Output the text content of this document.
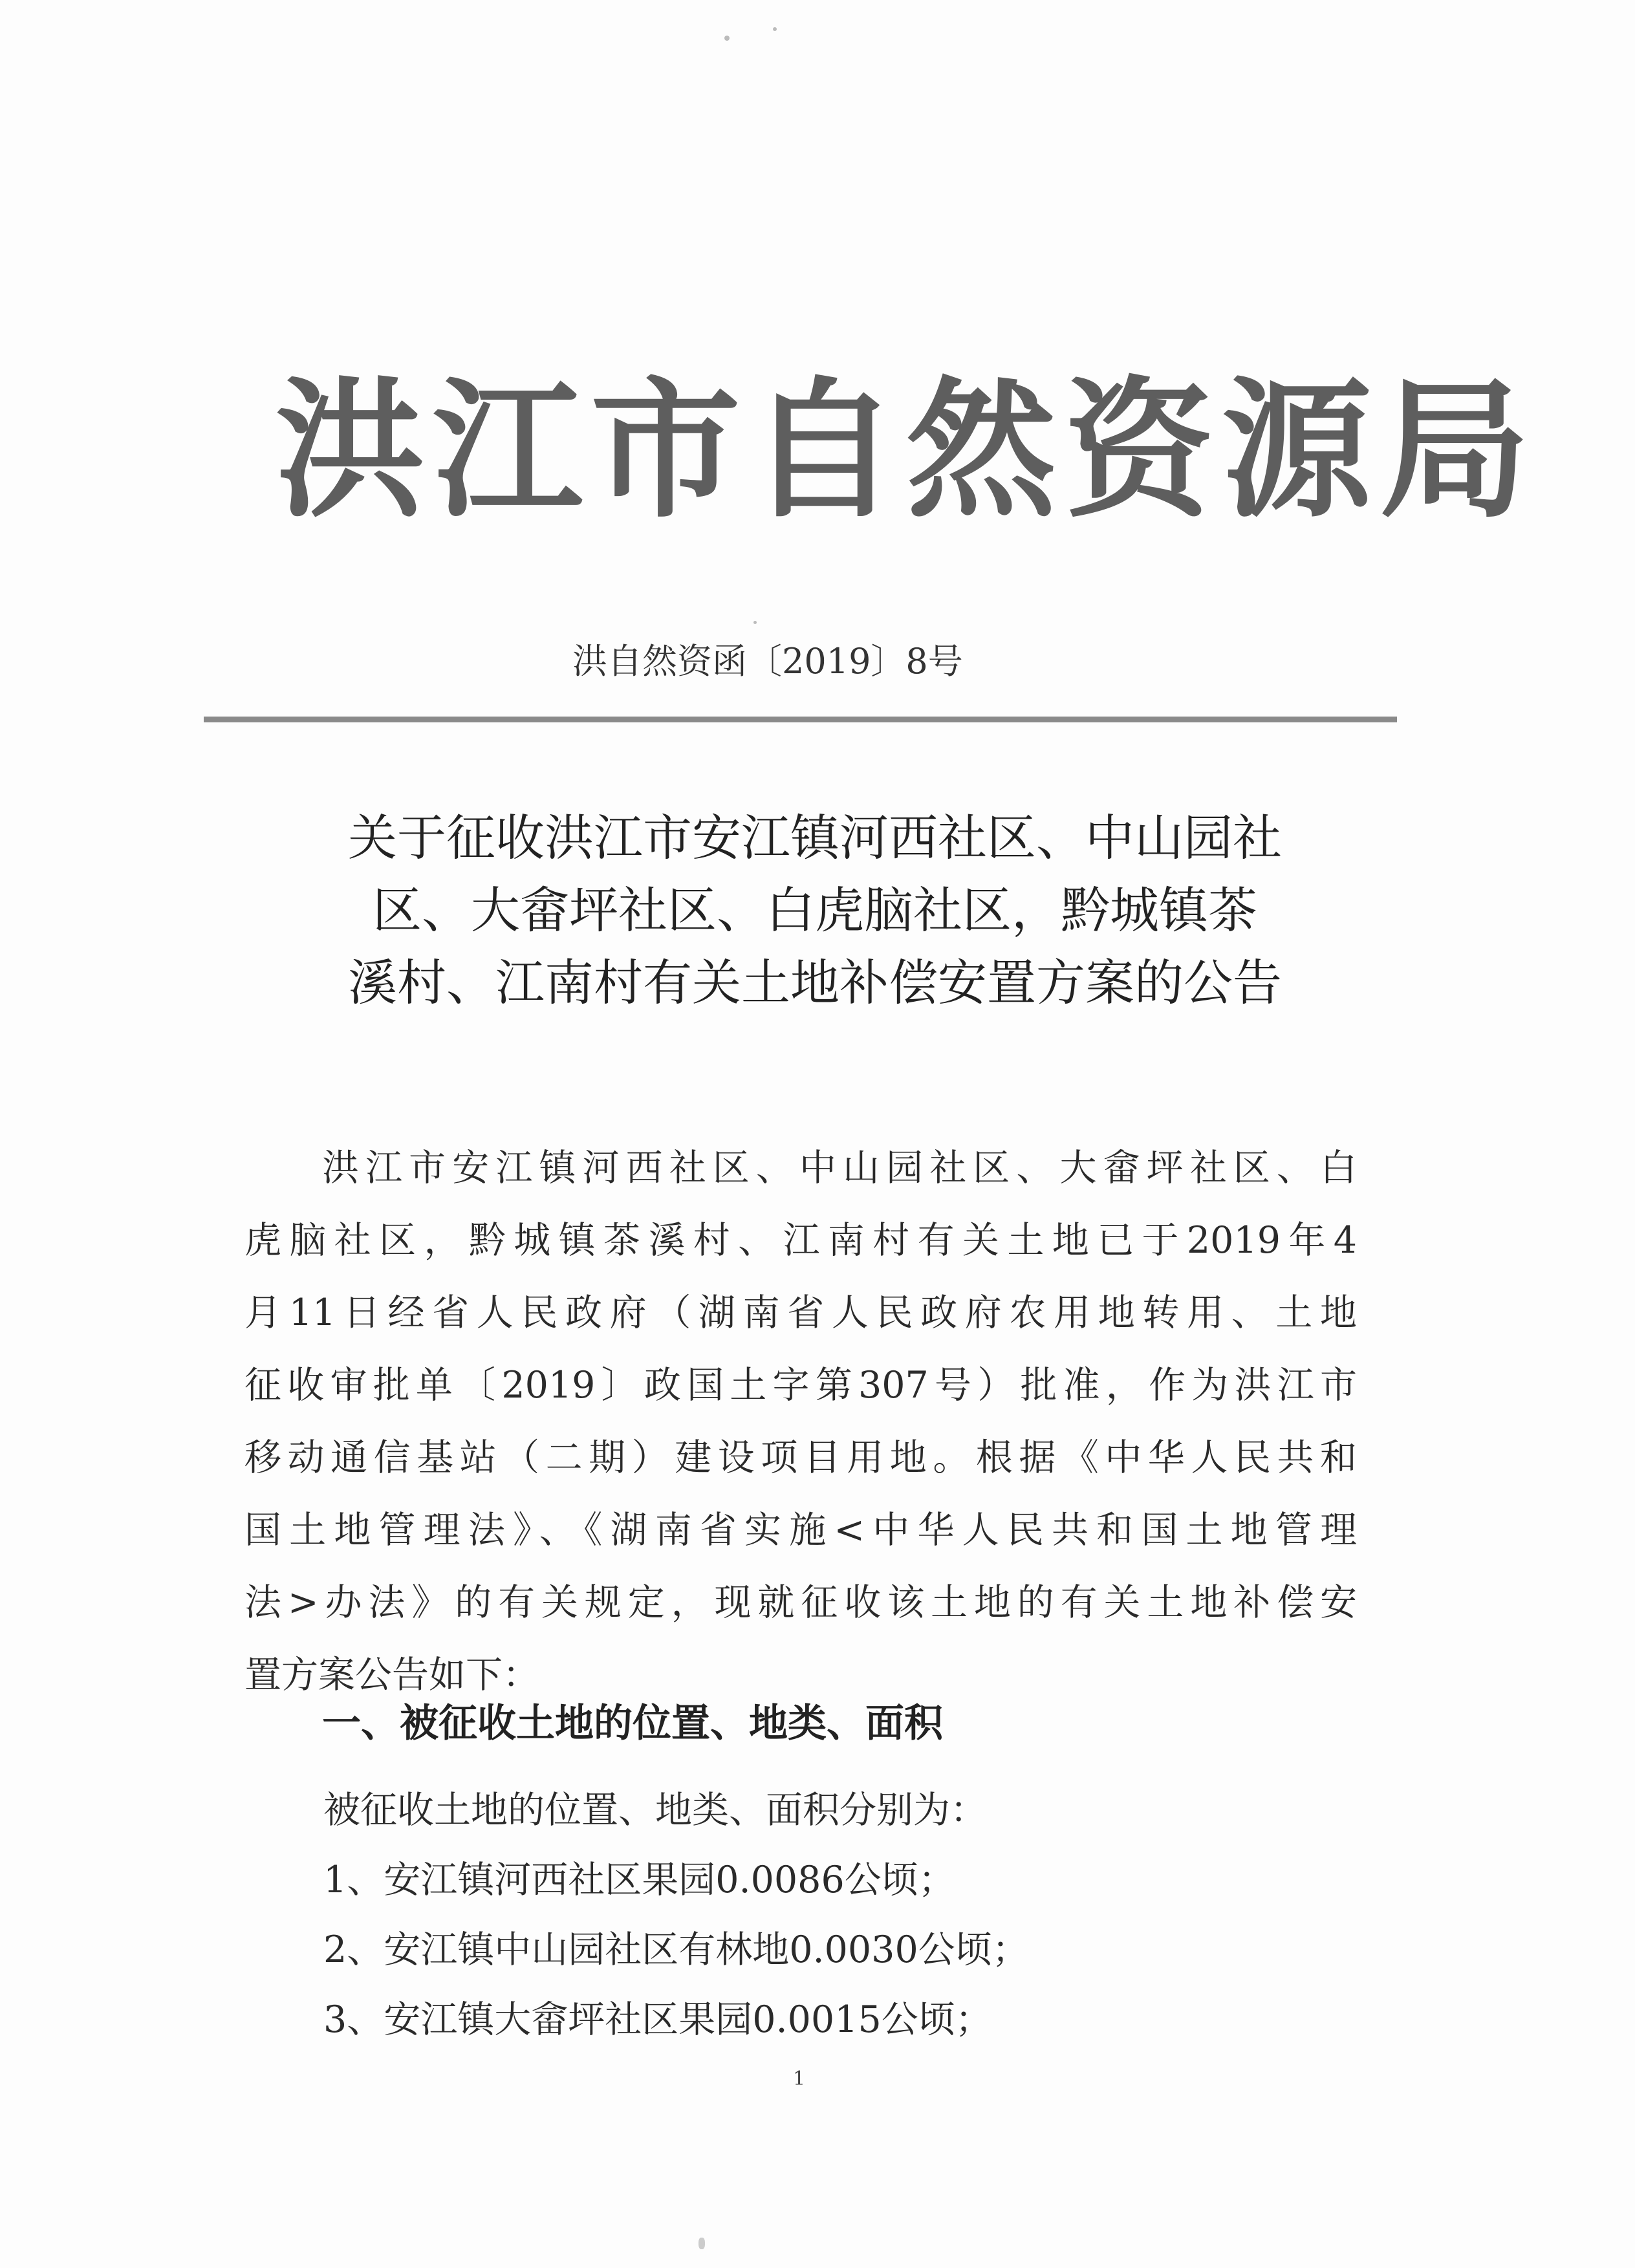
洪江市自然资源局
洪自然资函〔2019〕8号
关于征收洪江市安江镇河西社区、中山园社
区、大畲坪社区、白虎脑社区，黔城镇茶
溪村、江南村有关土地补偿安置方案的公告
洪江市安江镇河西社区、中山园社区、大畲坪社区、白
虎脑社区，黔城镇茶溪村、江南村有关土地已于2019年4
月11日经省人民政府（湖南省人民政府农用地转用、土地
征收审批单〔2019〕政国土字第307号）批准，作为洪江市
移动通信基站（二期）建设项目用地。根据《中华人民共和
国土地管理法》、《湖南省实施<中华人民共和国土地管理
法>办法》的有关规定，现就征收该土地的有关土地补偿安
置方案公告如下：
一、被征收土地的位置、地类、面积
被征收土地的位置、地类、面积分别为：
1、安江镇河西社区果园0.0086公顷；
2、安江镇中山园社区有林地0.0030公顷；
3、安江镇大畲坪社区果园0.0015公顷；
1
